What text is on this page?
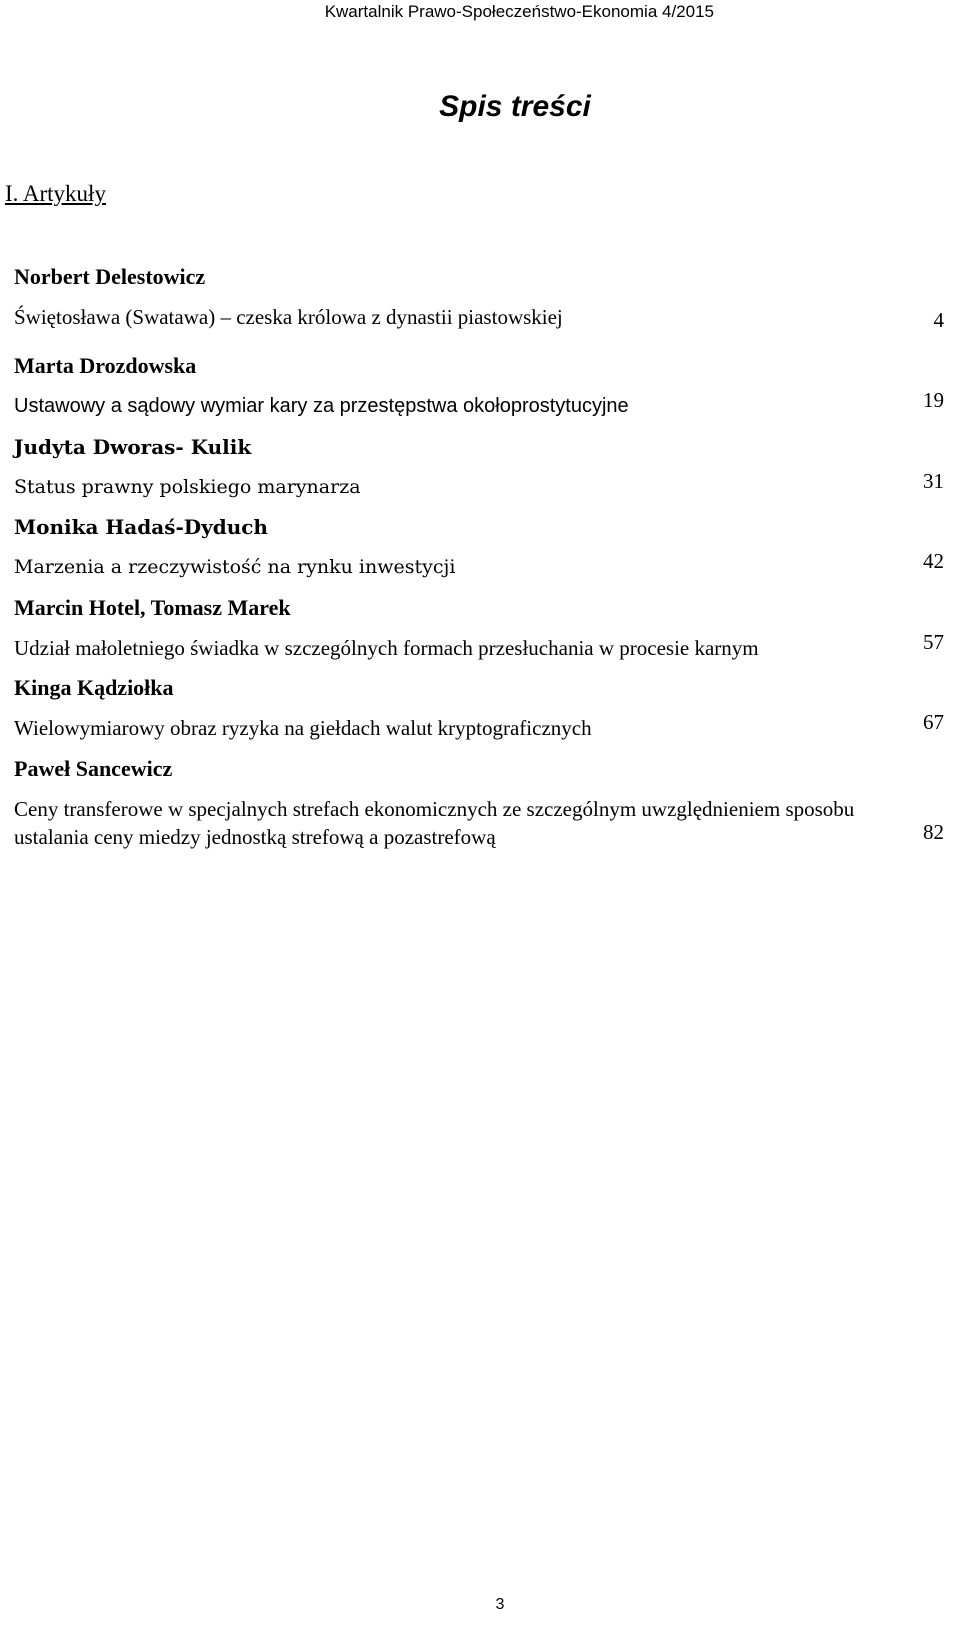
Kwartalnik Prawo-Społeczeństwo-Ekonomia 4/2015
Spis treści
I. Artykuły
Norbert Delestowicz
Świętosława (Swatawa) – czeska królowa z dynastii piastowskiej	4
Marta Drozdowska
Ustawowy a sądowy wymiar kary za przestępstwa okołoprostytucyjne	19
Judyta Dworas- Kulik
Status prawny polskiego marynarza	31
Monika Hadaś-Dyduch
Marzenia a rzeczywistość na rynku inwestycji	42
Marcin Hotel, Tomasz Marek
Udział małoletniego świadka w szczególnych formach przesłuchania w procesie karnym	57
Kinga Kądziołka
Wielowymiarowy obraz ryzyka na giełdach walut kryptograficznych	67
Paweł Sancewicz
Ceny transferowe w specjalnych strefach ekonomicznych ze szczególnym uwzględnieniem sposobu ustalania ceny miedzy jednostką strefową a pozastrefową	82
3
